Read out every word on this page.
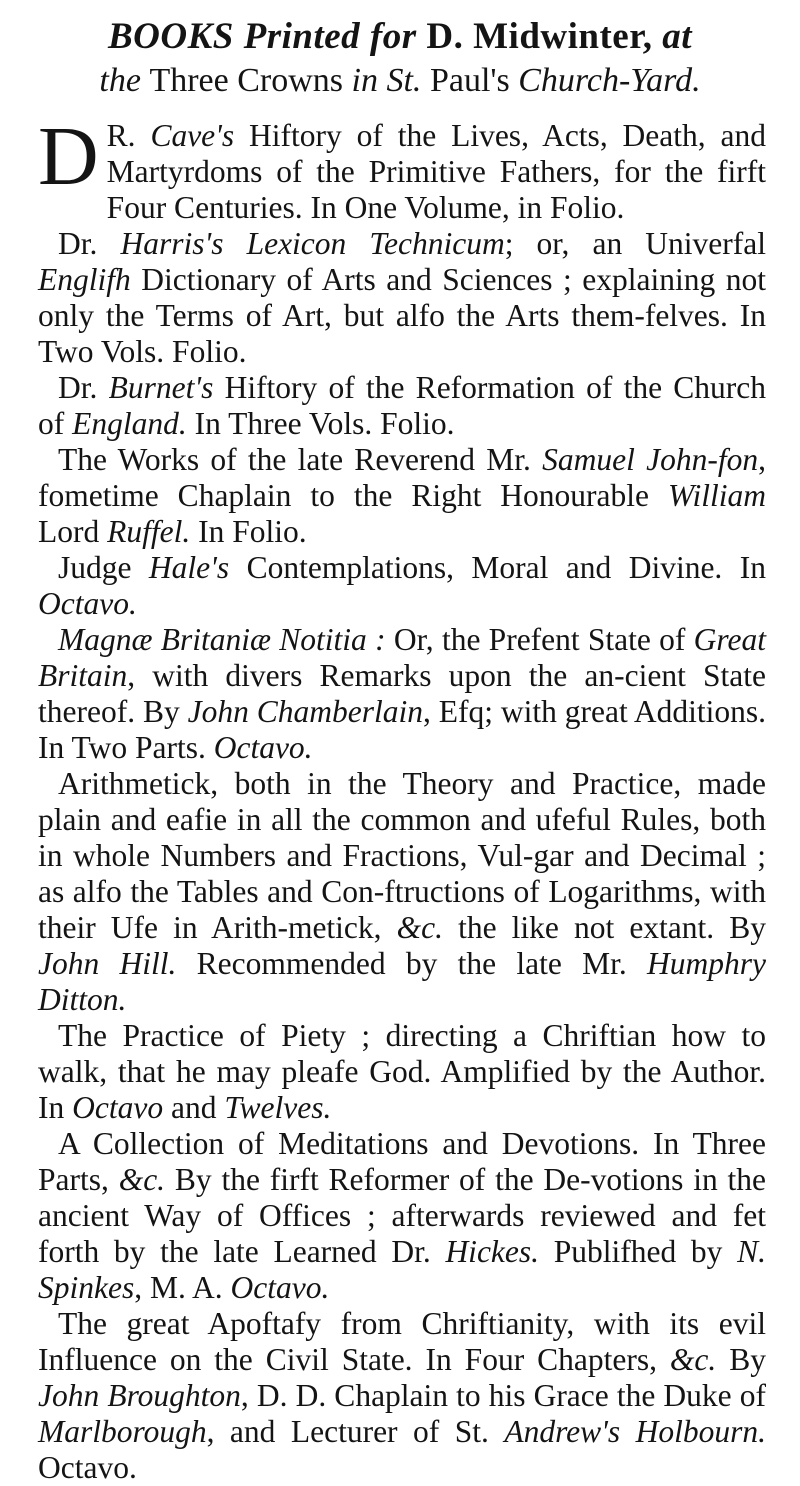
BOOKS Printed for D. Midwinter, at
the Three Crowns in St. Paul's Church-Yard.

D R. Cave's Hiftory of the Lives, Acts, Death, and Martyrdoms of the Primitive Fathers, for the firft Four Centuries. In One Volume, in Folio.

Dr. Harris's Lexicon Technicum; or, an Univerfal Englifh Dictionary of Arts and Sciences ; explaining not only the Terms of Art, but alfo the Arts them-felves. In Two Vols. Folio.

Dr. Burnet's Hiftory of the Reformation of the Church of England. In Three Vols. Folio.

The Works of the late Reverend Mr. Samuel John-fon, fometime Chaplain to the Right Honourable William Lord Ruffel. In Folio.

Judge Hale's Contemplations, Moral and Divine. In Octavo.

Magnæ Britaniæ Notitia : Or, the Prefent State of Great Britain, with divers Remarks upon the an-cient State thereof. By John Chamberlain, Efq; with great Additions. In Two Parts. Octavo.

Arithmetick, both in the Theory and Practice, made plain and eafie in all the common and ufeful Rules, both in whole Numbers and Fractions, Vul-gar and Decimal ; as alfo the Tables and Con-ftructions of Logarithms, with their Ufe in Arith-metick, &c. the like not extant. By John Hill. Recommended by the late Mr. Humphry Ditton.

The Practice of Piety ; directing a Chriftian how to walk, that he may pleafe God. Amplified by the Author. In Octavo and Twelves.

A Collection of Meditations and Devotions. In Three Parts, &c. By the firft Reformer of the De-votions in the ancient Way of Offices ; afterwards reviewed and fet forth by the late Learned Dr. Hickes. Publifhed by N. Spinkes, M. A. Octavo.

The great Apoftafy from Chriftianity, with its evil Influence on the Civil State. In Four Chapters, &c. By John Broughton, D. D. Chaplain to his Grace the Duke of Marlborough, and Lecturer of St. Andrew's Holbourn. Octavo.
